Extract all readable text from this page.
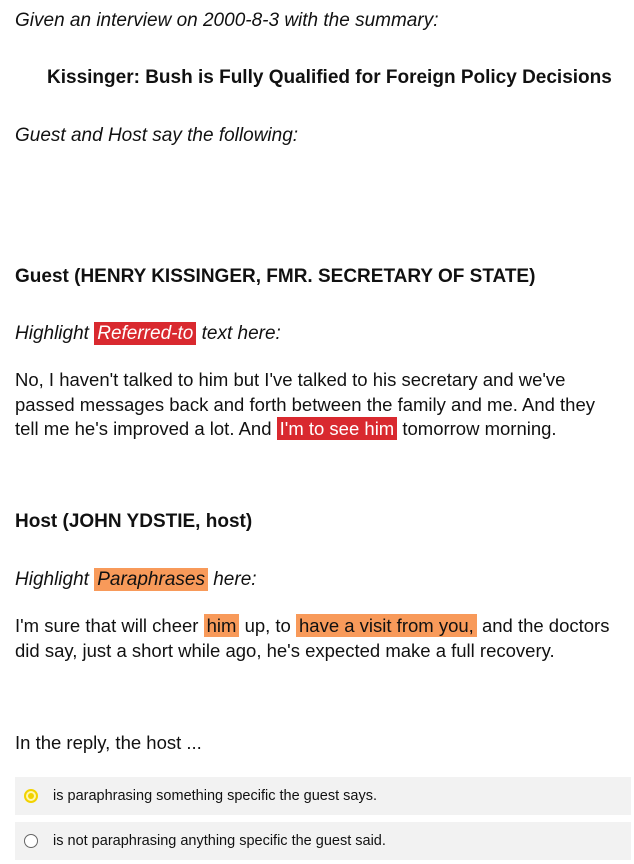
Given an interview on 2000-8-3 with the summary:
Kissinger: Bush is Fully Qualified for Foreign Policy Decisions
Guest and Host say the following:
Guest (HENRY KISSINGER, FMR. SECRETARY OF STATE)
Highlight Referred-to text here:
No, I haven't talked to him but I've talked to his secretary and we've passed messages back and forth between the family and me. And they tell me he's improved a lot. And I'm to see him tomorrow morning.
Host (JOHN YDSTIE, host)
Highlight Paraphrases here:
I'm sure that will cheer him up, to have a visit from you, and the doctors did say, just a short while ago, he's expected make a full recovery.
In the reply, the host ...
is paraphrasing something specific the guest says.
is not paraphrasing anything specific the guest said.
